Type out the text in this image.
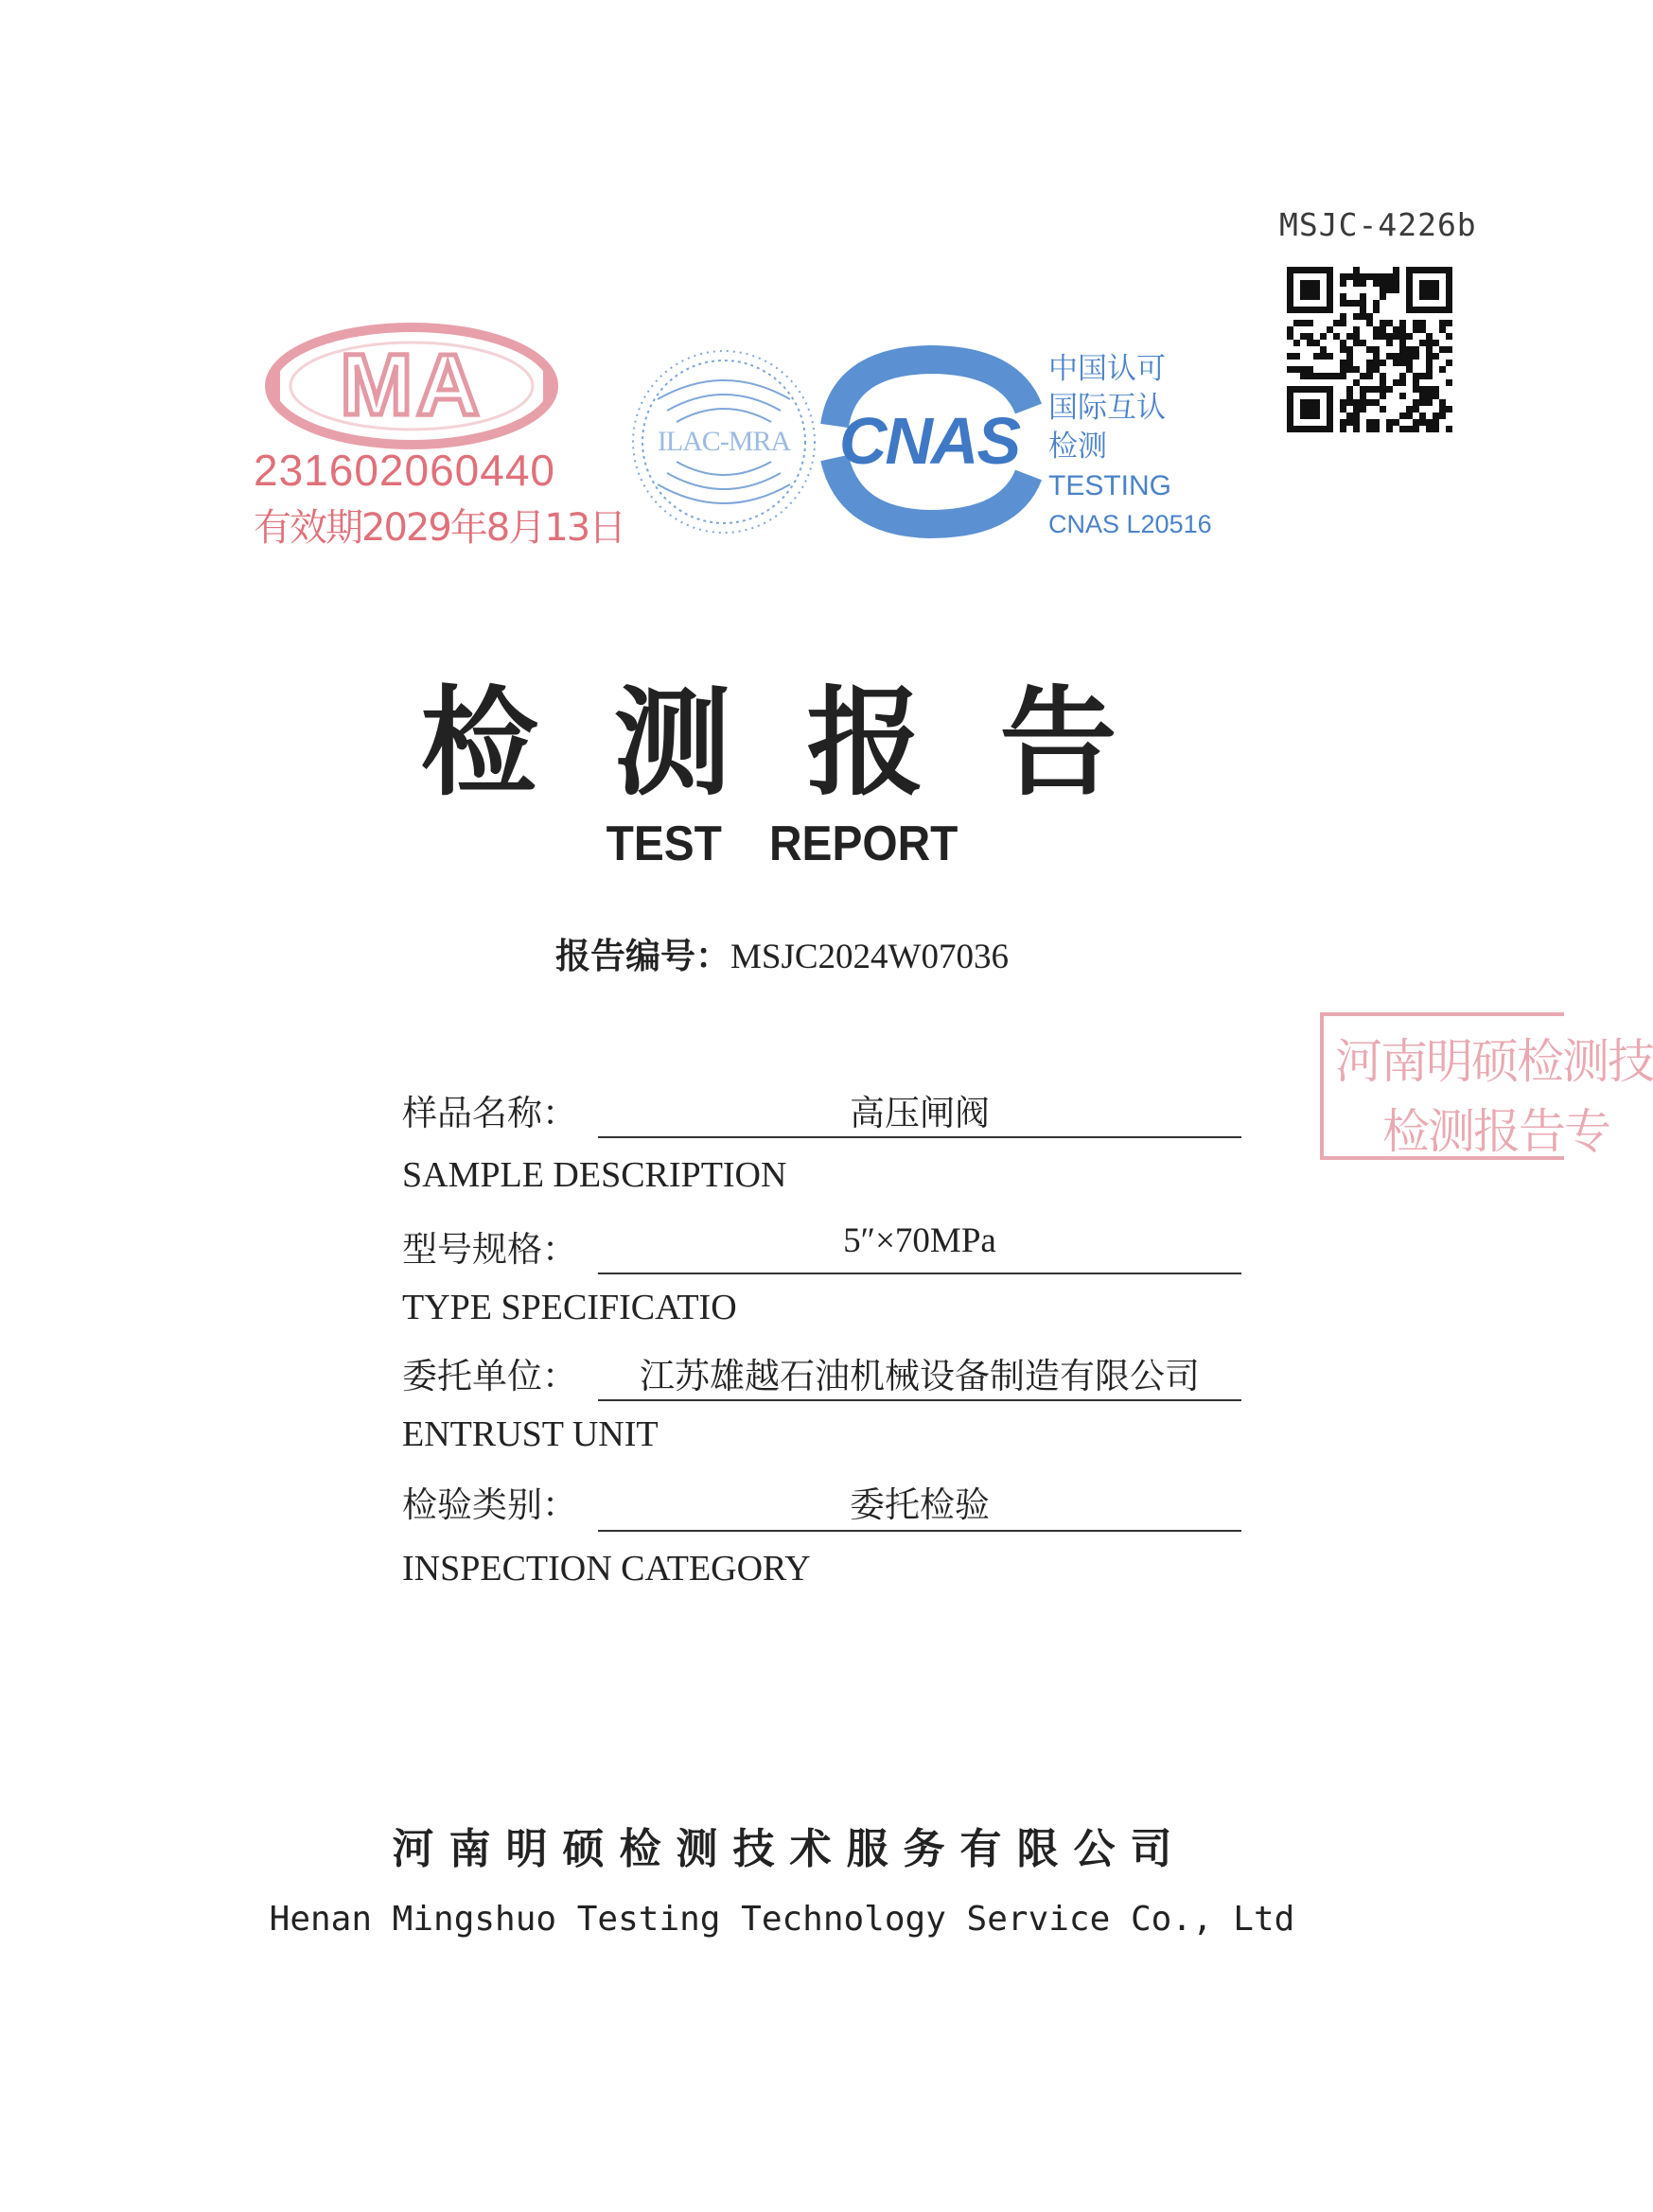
MSJC-4226b
MA
231602060440
有效期2029年8月13日
ILAC-MRA CNAS
中国认可
国际互认
检测
TESTING
CNAS L20516
检测报告
TEST REPORT
报告编号：MSJC2024W07036
样品名称：	高压闸阀
SAMPLE DESCRIPTION
型号规格：	5″×70MPa
TYPE SPECIFICATIO
委托单位：	江苏雄越石油机械设备制造有限公司
ENTRUST UNIT
检验类别：	委托检验
INSPECTION CATEGORY
河南明硕检测技
检测报告专
河南明硕检测技术服务有限公司
Henan Mingshuo Testing Technology Service Co., Ltd
